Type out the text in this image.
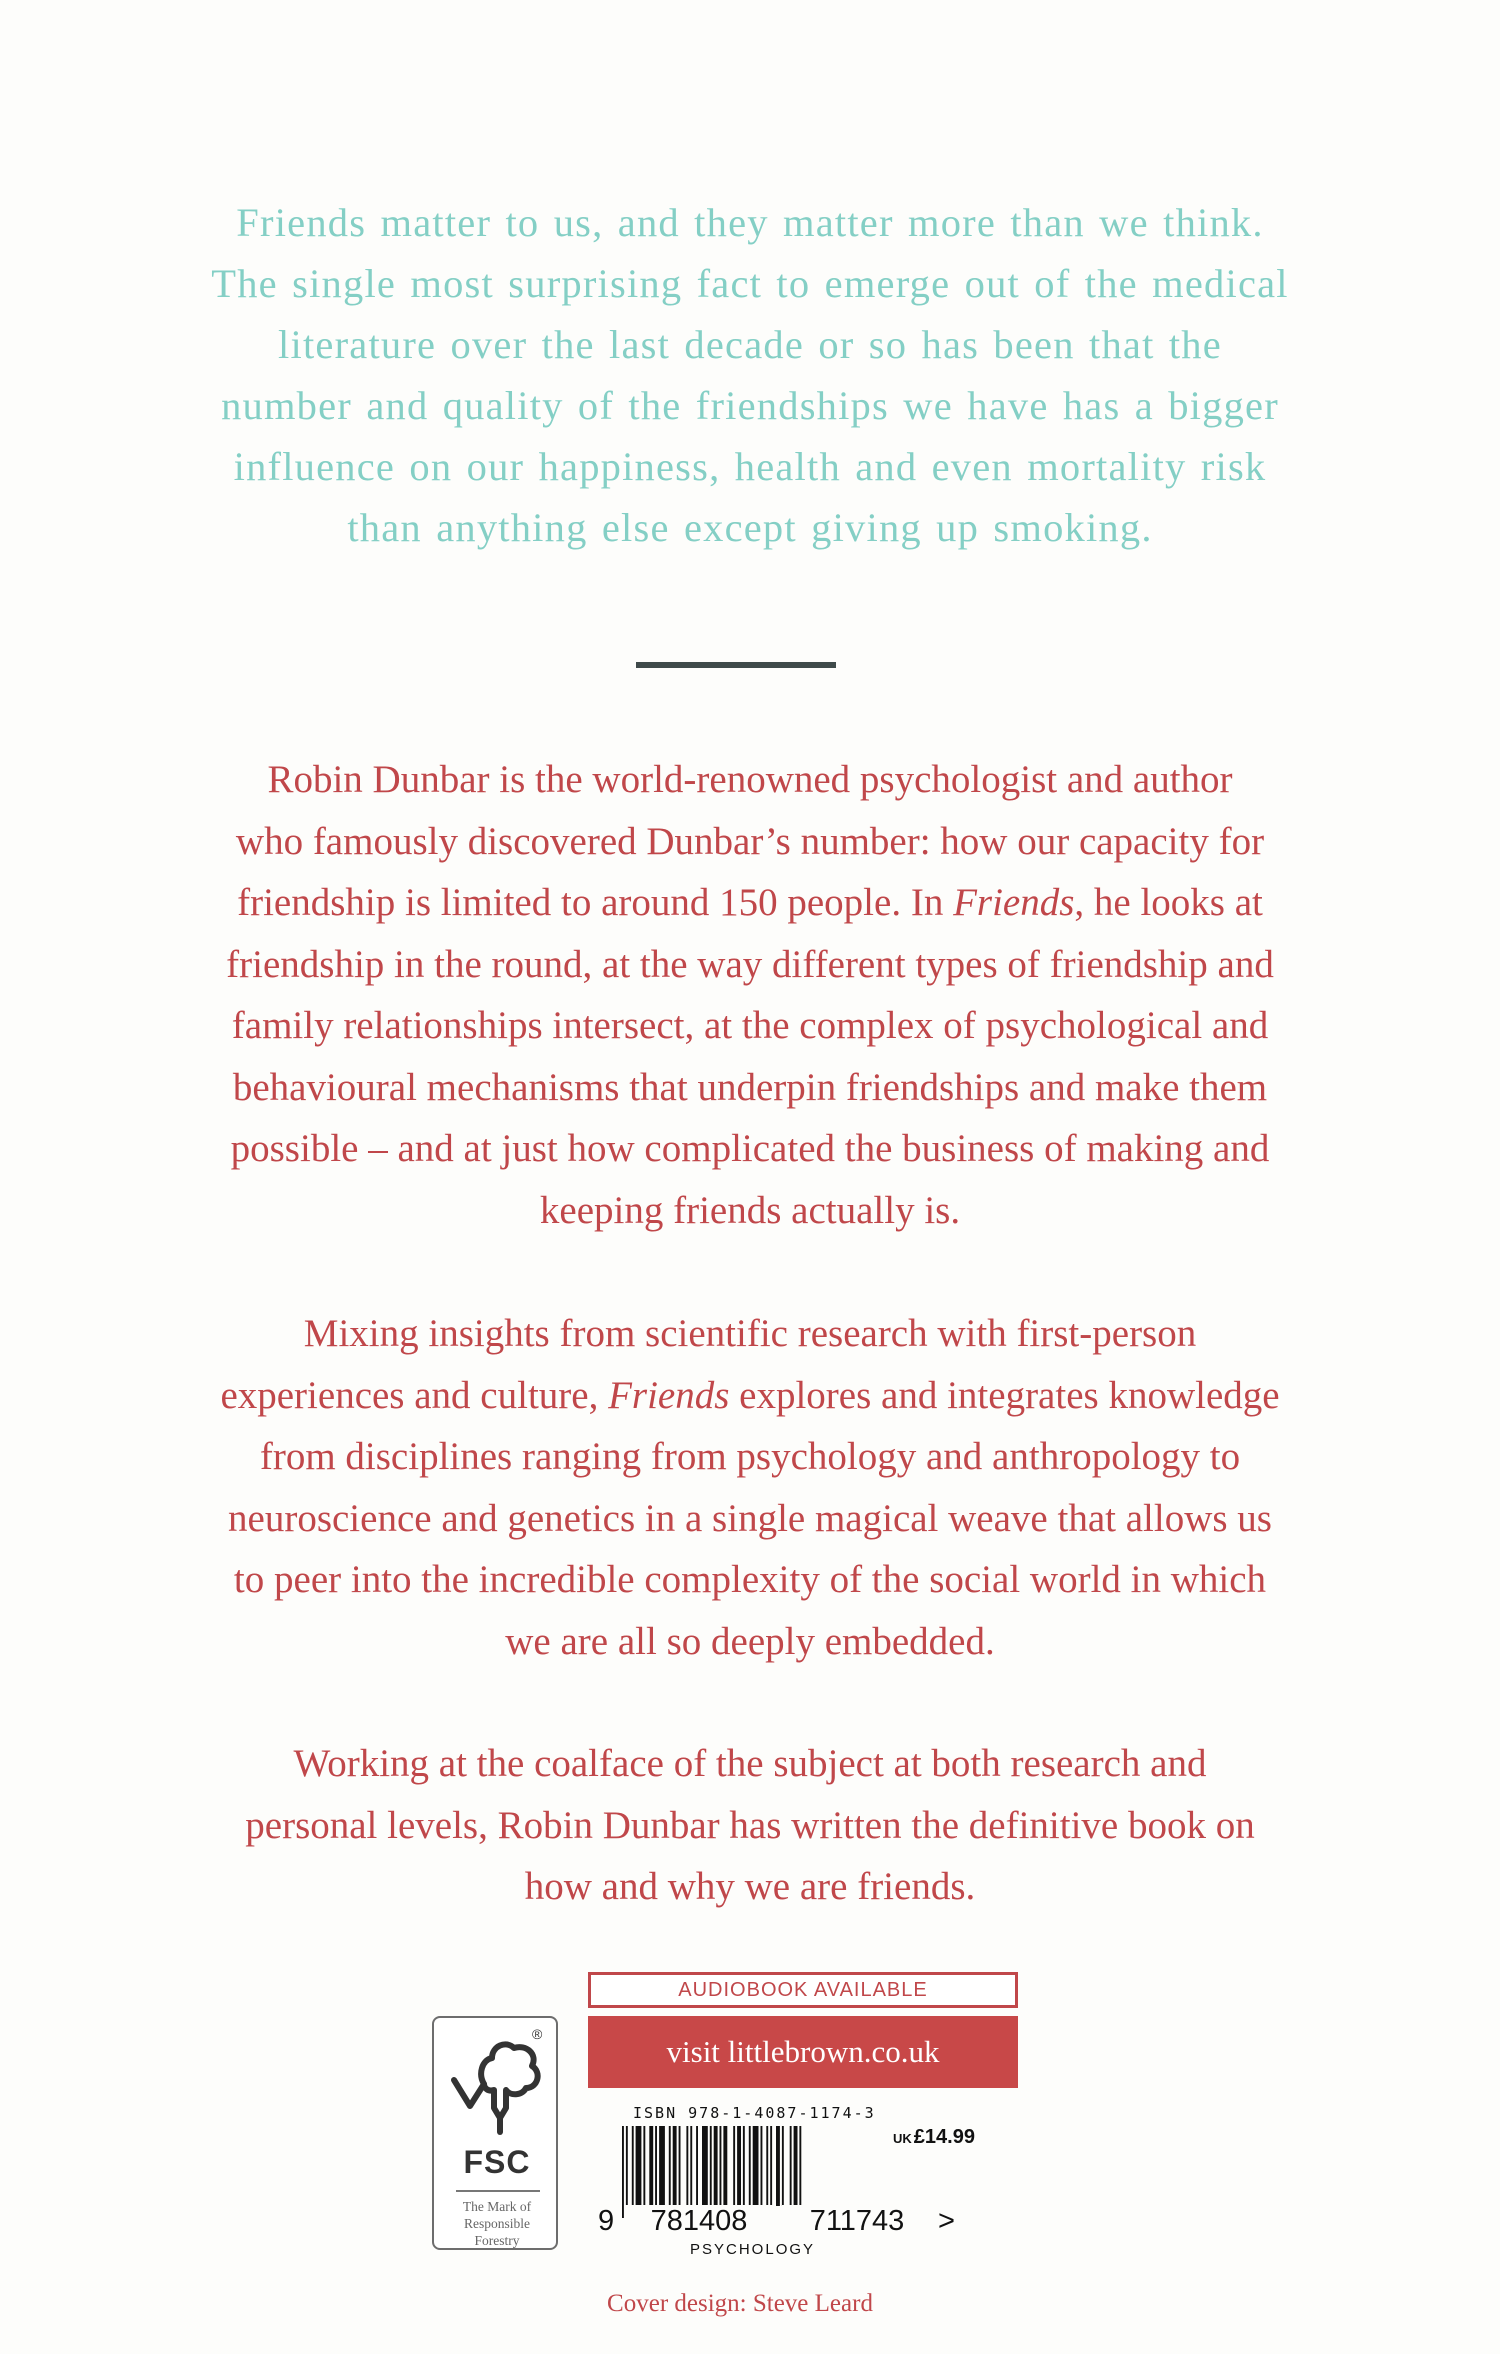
Friends matter to us, and they matter more than we think.
The single most surprising fact to emerge out of the medical
literature over the last decade or so has been that the
number and quality of the friendships we have has a bigger
influence on our happiness, health and even mortality risk
than anything else except giving up smoking.
Robin Dunbar is the world-renowned psychologist and author
who famously discovered Dunbar’s number: how our capacity for
friendship is limited to around 150 people. In Friends, he looks at
friendship in the round, at the way different types of friendship and
family relationships intersect, at the complex of psychological and
behavioural mechanisms that underpin friendships and make them
possible – and at just how complicated the business of making and
keeping friends actually is.
Mixing insights from scientific research with first-person
experiences and culture, Friends explores and integrates knowledge
from disciplines ranging from psychology and anthropology to
neuroscience and genetics in a single magical weave that allows us
to peer into the incredible complexity of the social world in which
we are all so deeply embedded.
Working at the coalface of the subject at both research and
personal levels, Robin Dunbar has written the definitive book on
how and why we are friends.
®
FSC
The Mark of
Responsible
Forestry
AUDIOBOOK AVAILABLE
visit littlebrown.co.uk
ISBN 978-1-4087-1174-3
UK £14.99
9 781408 711743 >
PSYCHOLOGY
Cover design: Steve Leard
